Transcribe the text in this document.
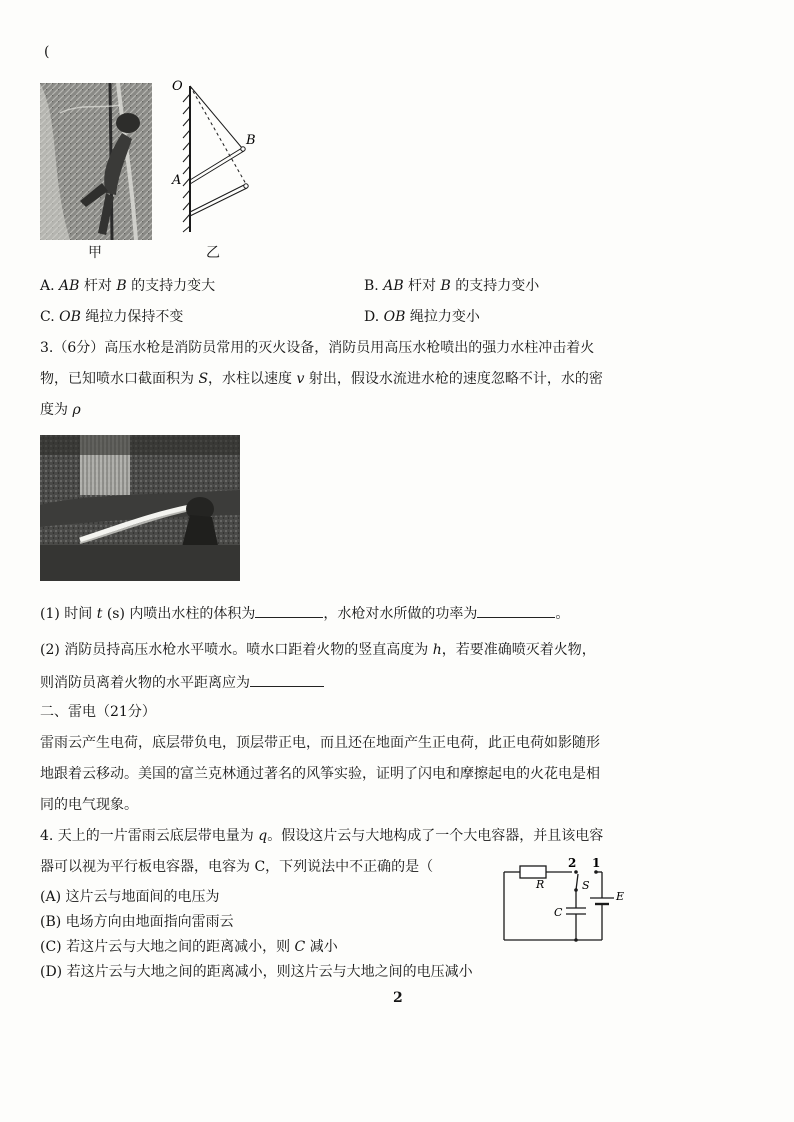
(
甲
O
A
B
乙
A. AB 杆对 B 的支持力变大	B. AB 杆对 B 的支持力变小
C. OB 绳拉力保持不变	D. OB 绳拉力变小
3.（6分）高压水枪是消防员常用的灭火设备，消防员用高压水枪喷出的强力水柱冲击着火
物，已知喷水口截面积为 S，水柱以速度 v 射出，假设水流进水枪的速度忽略不计，水的密
度为 ρ
(1) 时间 t (s) 内喷出水柱的体积为	，水枪对水所做的功率为	。
(2) 消防员持高压水枪水平喷水。喷水口距着火物的竖直高度为 h，若要准确喷灭着火物，
则消防员离着火物的水平距离应为
二、雷电（21分）
雷雨云产生电荷，底层带负电，顶层带正电，而且还在地面产生正电荷，此正电荷如影随形
地跟着云移动。美国的富兰克林通过著名的风筝实验，证明了闪电和摩擦起电的火花电是相
同的电气现象。
4. 天上的一片雷雨云底层带电量为 q。假设这片云与大地构成了一个大电容器，并且该电容
器可以视为平行板电容器，电容为 C，下列说法中不正确的是（
(A) 这片云与地面间的电压为
(B) 电场方向由地面指向雷雨云
(C) 若这片云与大地之间的距离减小，则 C 减小
(D) 若这片云与大地之间的距离减小，则这片云与大地之间的电压减小
R
2 1
S
C
E
2
